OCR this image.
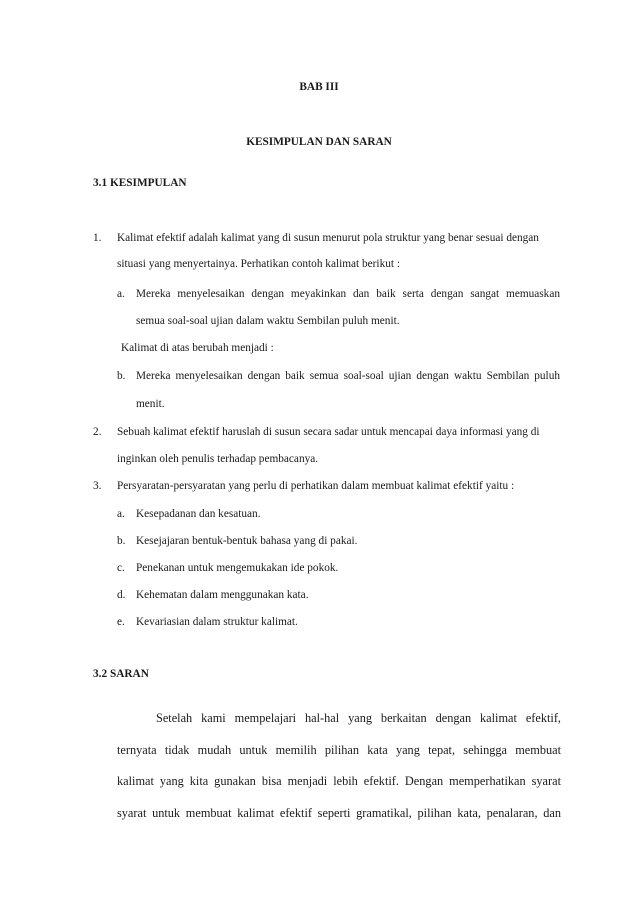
BAB III
KESIMPULAN DAN SARAN
3.1 KESIMPULAN
1. Kalimat efektif adalah kalimat yang di susun menurut pola struktur yang benar sesuai dengan
situasi yang menyertainya. Perhatikan contoh kalimat berikut :
a. Mereka menyelesaikan dengan meyakinkan dan baik serta dengan sangat memuaskan
semua soal-soal ujian dalam waktu Sembilan puluh menit.
Kalimat di atas berubah menjadi :
b. Mereka menyelesaikan dengan baik semua soal-soal ujian dengan waktu Sembilan puluh
menit.
2. Sebuah kalimat efektif haruslah di susun secara sadar untuk mencapai daya informasi yang di
inginkan oleh penulis terhadap pembacanya.
3. Persyaratan-persyaratan yang perlu di perhatikan dalam membuat kalimat efektif yaitu :
a. Kesepadanan dan kesatuan.
b. Kesejajaran bentuk-bentuk bahasa yang di pakai.
c. Penekanan untuk mengemukakan ide pokok.
d. Kehematan dalam menggunakan kata.
e. Kevariasian dalam struktur kalimat.
3.2 SARAN
Setelah kami mempelajari hal-hal yang berkaitan dengan kalimat efektif,
ternyata tidak mudah untuk memilih pilihan kata yang tepat, sehingga membuat
kalimat yang kita gunakan bisa menjadi lebih efektif. Dengan memperhatikan syarat
syarat untuk membuat kalimat efektif seperti gramatikal, pilihan kata, penalaran, dan
